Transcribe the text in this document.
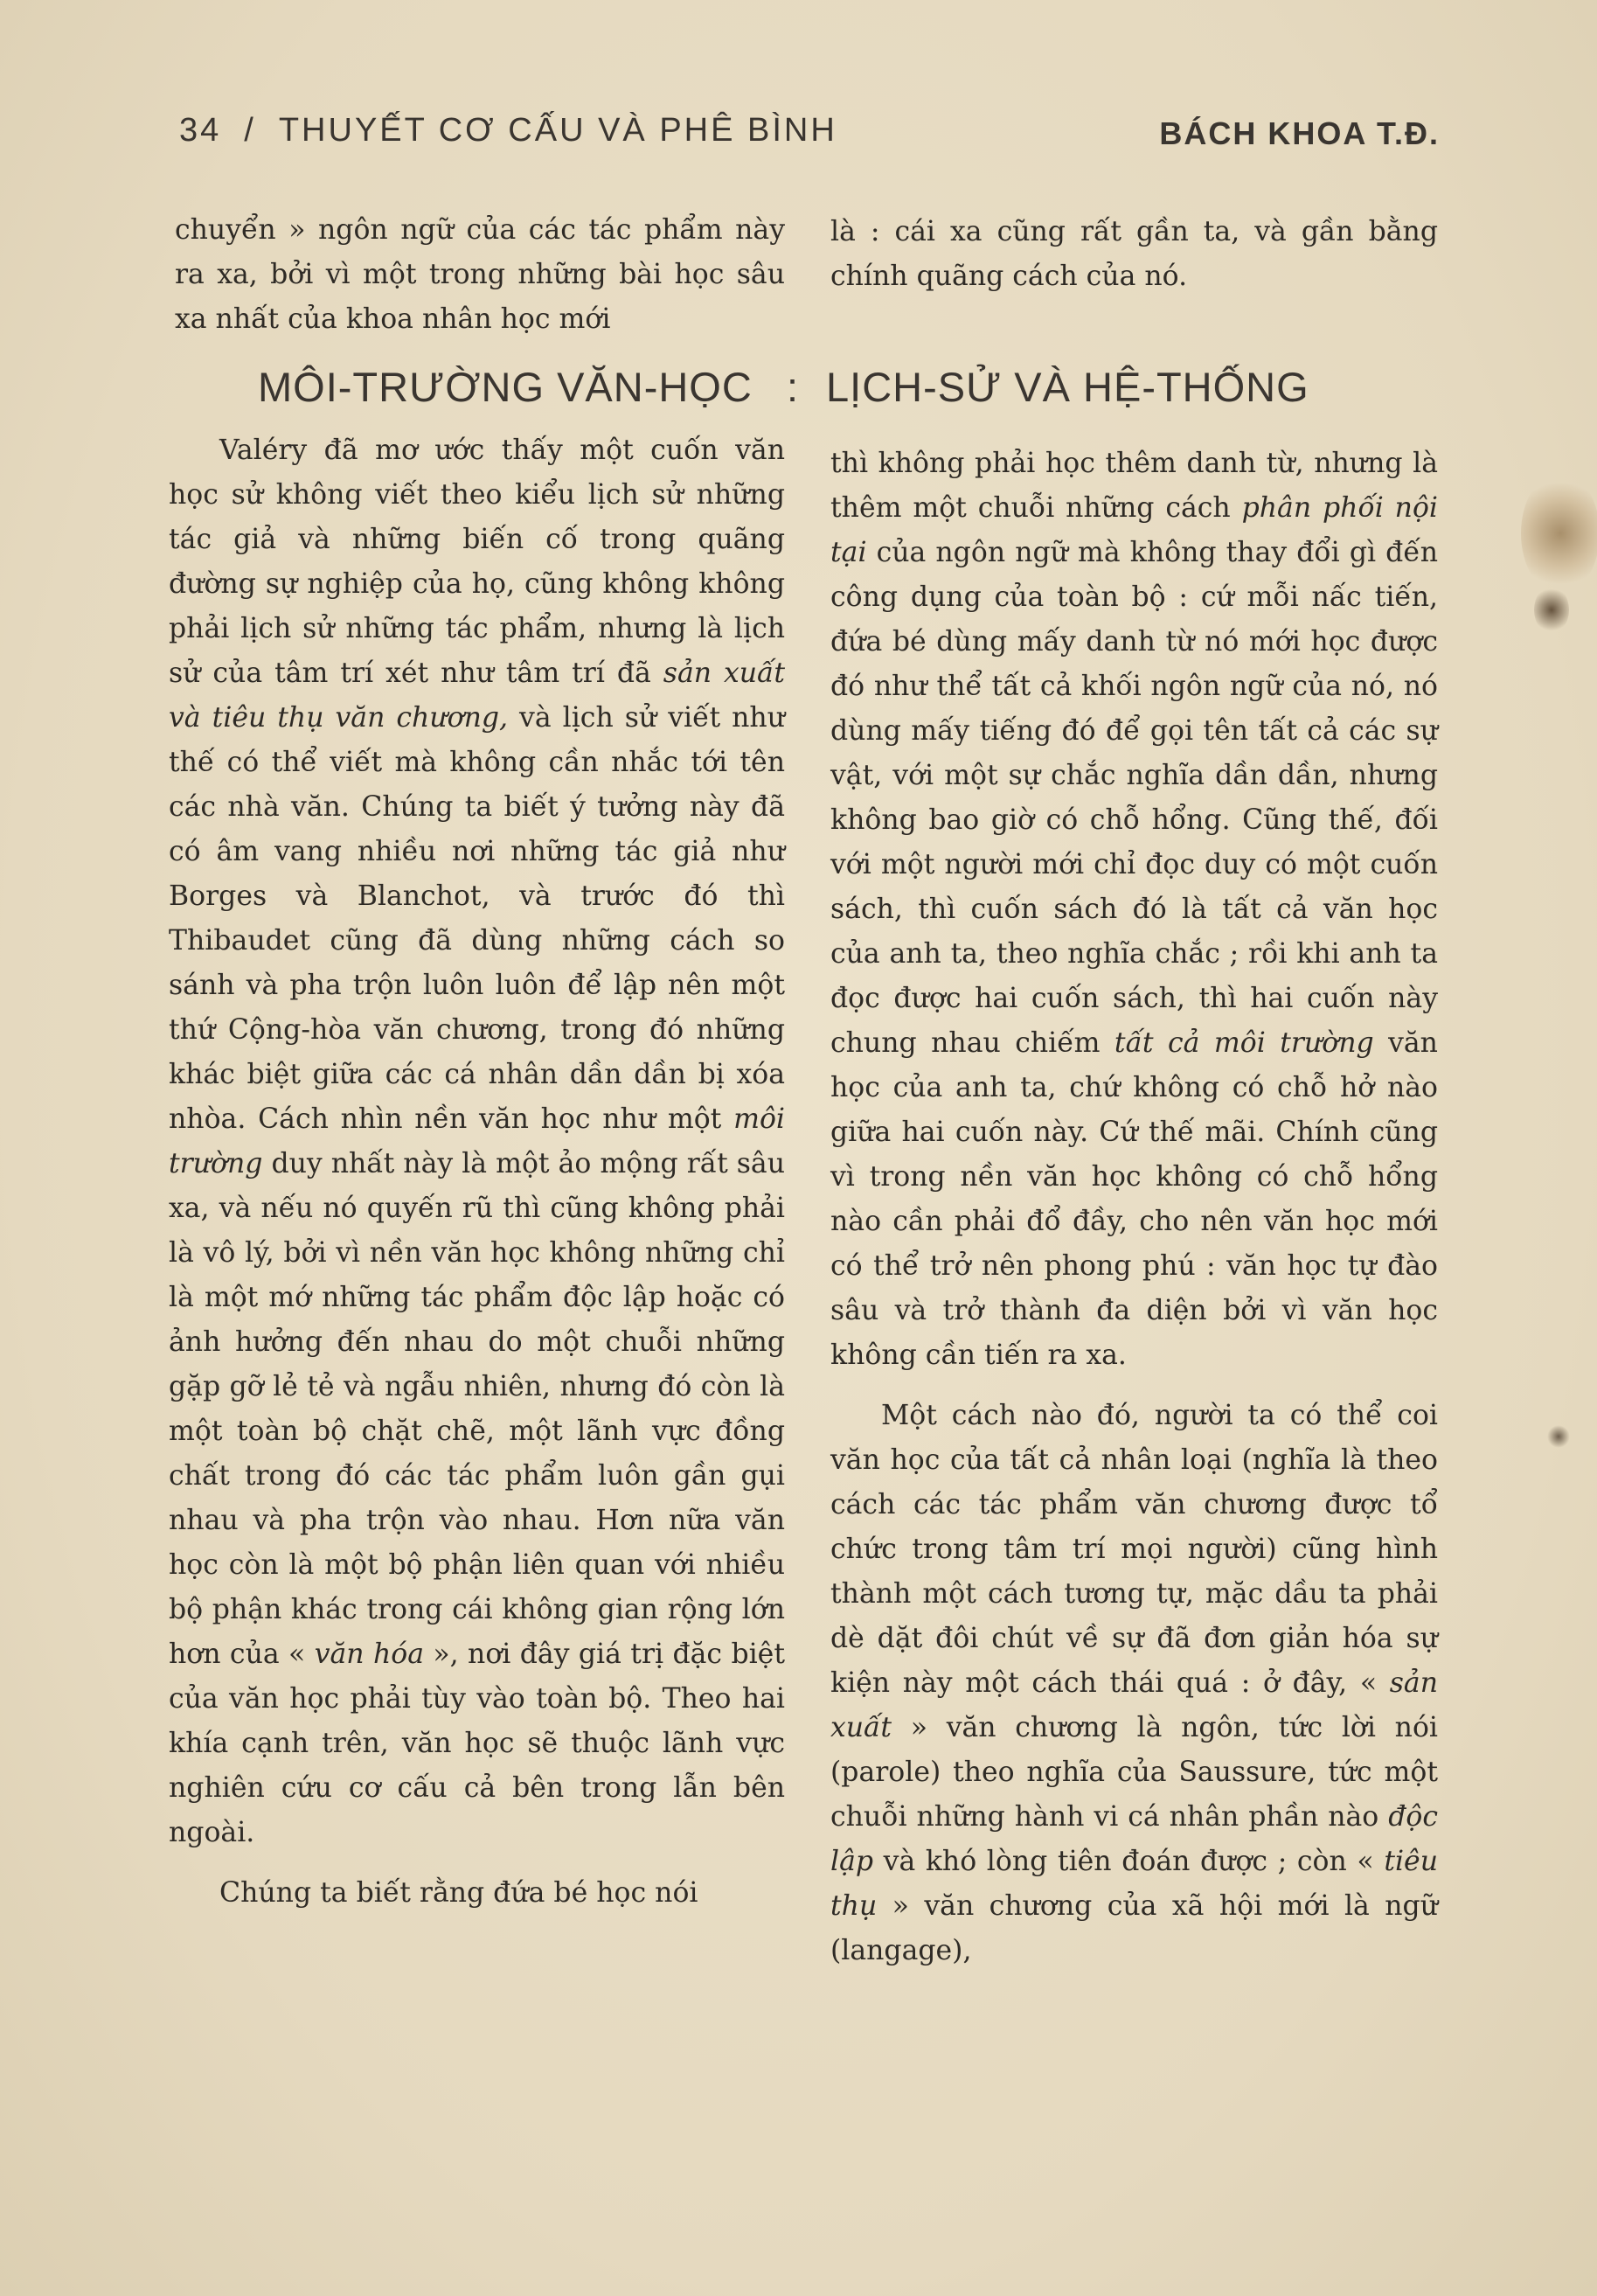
34 / THUYẾT CƠ CẤU VÀ PHÊ BÌNH	BÁCH KHOA T.Đ.

chuyển » ngôn ngữ của các tác phẩm này ra xa, bởi vì một trong những bài học sâu xa nhất của khoa nhân học mới

là : cái xa cũng rất gần ta, và gần bằng chính quãng cách của nó.

MÔI-TRƯỜNG VĂN-HỌC : LỊCH-SỬ VÀ HỆ-THỐNG

Valéry đã mơ ước thấy một cuốn văn học sử không viết theo kiểu lịch sử những tác giả và những biến cố trong quãng đường sự nghiệp của họ, cũng không không phải lịch sử những tác phẩm, nhưng là lịch sử của tâm trí xét như tâm trí đã sản xuất và tiêu thụ văn chương, và lịch sử viết như thế có thể viết mà không cần nhắc tới tên các nhà văn. Chúng ta biết ý tưởng này đã có âm vang nhiều nơi những tác giả như Borges và Blanchot, và trước đó thì Thibaudet cũng đã dùng những cách so sánh và pha trộn luôn luôn để lập nên một thứ Cộng-hòa văn chương, trong đó những khác biệt giữa các cá nhân dần dần bị xóa nhòa. Cách nhìn nền văn học như một môi trường duy nhất này là một ảo mộng rất sâu xa, và nếu nó quyến rũ thì cũng không phải là vô lý, bởi vì nền văn học không những chỉ là một mớ những tác phẩm độc lập hoặc có ảnh hưởng đến nhau do một chuỗi những gặp gỡ lẻ tẻ và ngẫu nhiên, nhưng đó còn là một toàn bộ chặt chẽ, một lãnh vực đồng chất trong đó các tác phẩm luôn gần gụi nhau và pha trộn vào nhau. Hơn nữa văn học còn là một bộ phận liên quan với nhiều bộ phận khác trong cái không gian rộng lớn hơn của « văn hóa », nơi đây giá trị đặc biệt của văn học phải tùy vào toàn bộ. Theo hai khía cạnh trên, văn học sẽ thuộc lãnh vực nghiên cứu cơ cấu cả bên trong lẫn bên ngoài.

Chúng ta biết rằng đứa bé học nói

thì không phải học thêm danh từ, nhưng là thêm một chuỗi những cách phân phối nội tại của ngôn ngữ mà không thay đổi gì đến công dụng của toàn bộ : cứ mỗi nấc tiến, đứa bé dùng mấy danh từ nó mới học được đó như thể tất cả khối ngôn ngữ của nó, nó dùng mấy tiếng đó để gọi tên tất cả các sự vật, với một sự chắc nghĩa dần dần, nhưng không bao giờ có chỗ hổng. Cũng thế, đối với một người mới chỉ đọc duy có một cuốn sách, thì cuốn sách đó là tất cả văn học của anh ta, theo nghĩa chắc ; rồi khi anh ta đọc được hai cuốn sách, thì hai cuốn này chung nhau chiếm tất cả môi trường văn học của anh ta, chứ không có chỗ hở nào giữa hai cuốn này. Cứ thế mãi. Chính cũng vì trong nền văn học không có chỗ hổng nào cần phải đổ đầy, cho nên văn học mới có thể trở nên phong phú : văn học tự đào sâu và trở thành đa diện bởi vì văn học không cần tiến ra xa.

Một cách nào đó, người ta có thể coi văn học của tất cả nhân loại (nghĩa là theo cách các tác phẩm văn chương được tổ chức trong tâm trí mọi người) cũng hình thành một cách tương tự, mặc dầu ta phải dè dặt đôi chút về sự đã đơn giản hóa sự kiện này một cách thái quá : ở đây, « sản xuất » văn chương là ngôn, tức lời nói (parole) theo nghĩa của Saussure, tức một chuỗi những hành vi cá nhân phần nào độc lập và khó lòng tiên đoán được ; còn « tiêu thụ » văn chương của xã hội mới là ngữ (langage),
